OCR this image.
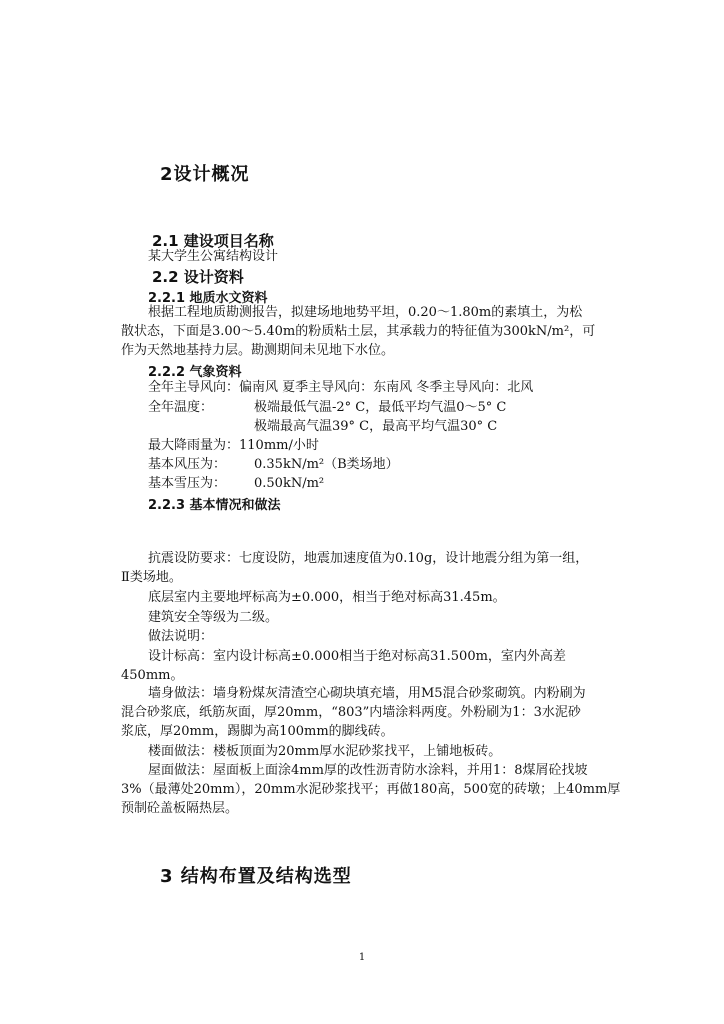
2设计概况
2.1 建设项目名称
某大学生公寓结构设计
2.2 设计资料
2.2.1 地质水文资料
根据工程地质勘测报告，拟建场地地势平坦，0.20～1.80m的素填土，为松
散状态，下面是3.00～5.40m的粉质粘土层，其承载力的特征值为300kN/m²，可
作为天然地基持力层。勘测期间未见地下水位。
2.2.2 气象资料
全年主导风向：偏南风 夏季主导风向：东南风 冬季主导风向：北风
全年温度：	极端最低气温-2° C，最低平均气温0～5° C
极端最高气温39° C，最高平均气温30° C
最大降雨量为：110mm/小时
基本风压为： 0.35kN/m²（B类场地）
基本雪压为： 0.50kN/m²
2.2.3 基本情况和做法
抗震设防要求：七度设防，地震加速度值为0.10g，设计地震分组为第一组，
Ⅱ类场地。
底层室内主要地坪标高为±0.000，相当于绝对标高31.45m。
建筑安全等级为二级。
做法说明：
设计标高：室内设计标高±0.000相当于绝对标高31.500m，室内外高差
450mm。
墙身做法：墙身粉煤灰清渣空心砌块填充墙，用M5混合砂浆砌筑。内粉刷为
混合砂浆底，纸筋灰面，厚20mm，“803”内墙涂料两度。外粉刷为1：3水泥砂
浆底，厚20mm，踢脚为高100mm的脚线砖。
楼面做法：楼板顶面为20mm厚水泥砂浆找平，上铺地板砖。
屋面做法：屋面板上面涂4mm厚的改性沥青防水涂料，并用1：8煤屑砼找坡
3%（最薄处20mm），20mm水泥砂浆找平；再做180高，500宽的砖墩；上40mm厚
预制砼盖板隔热层。
3 结构布置及结构选型
1
